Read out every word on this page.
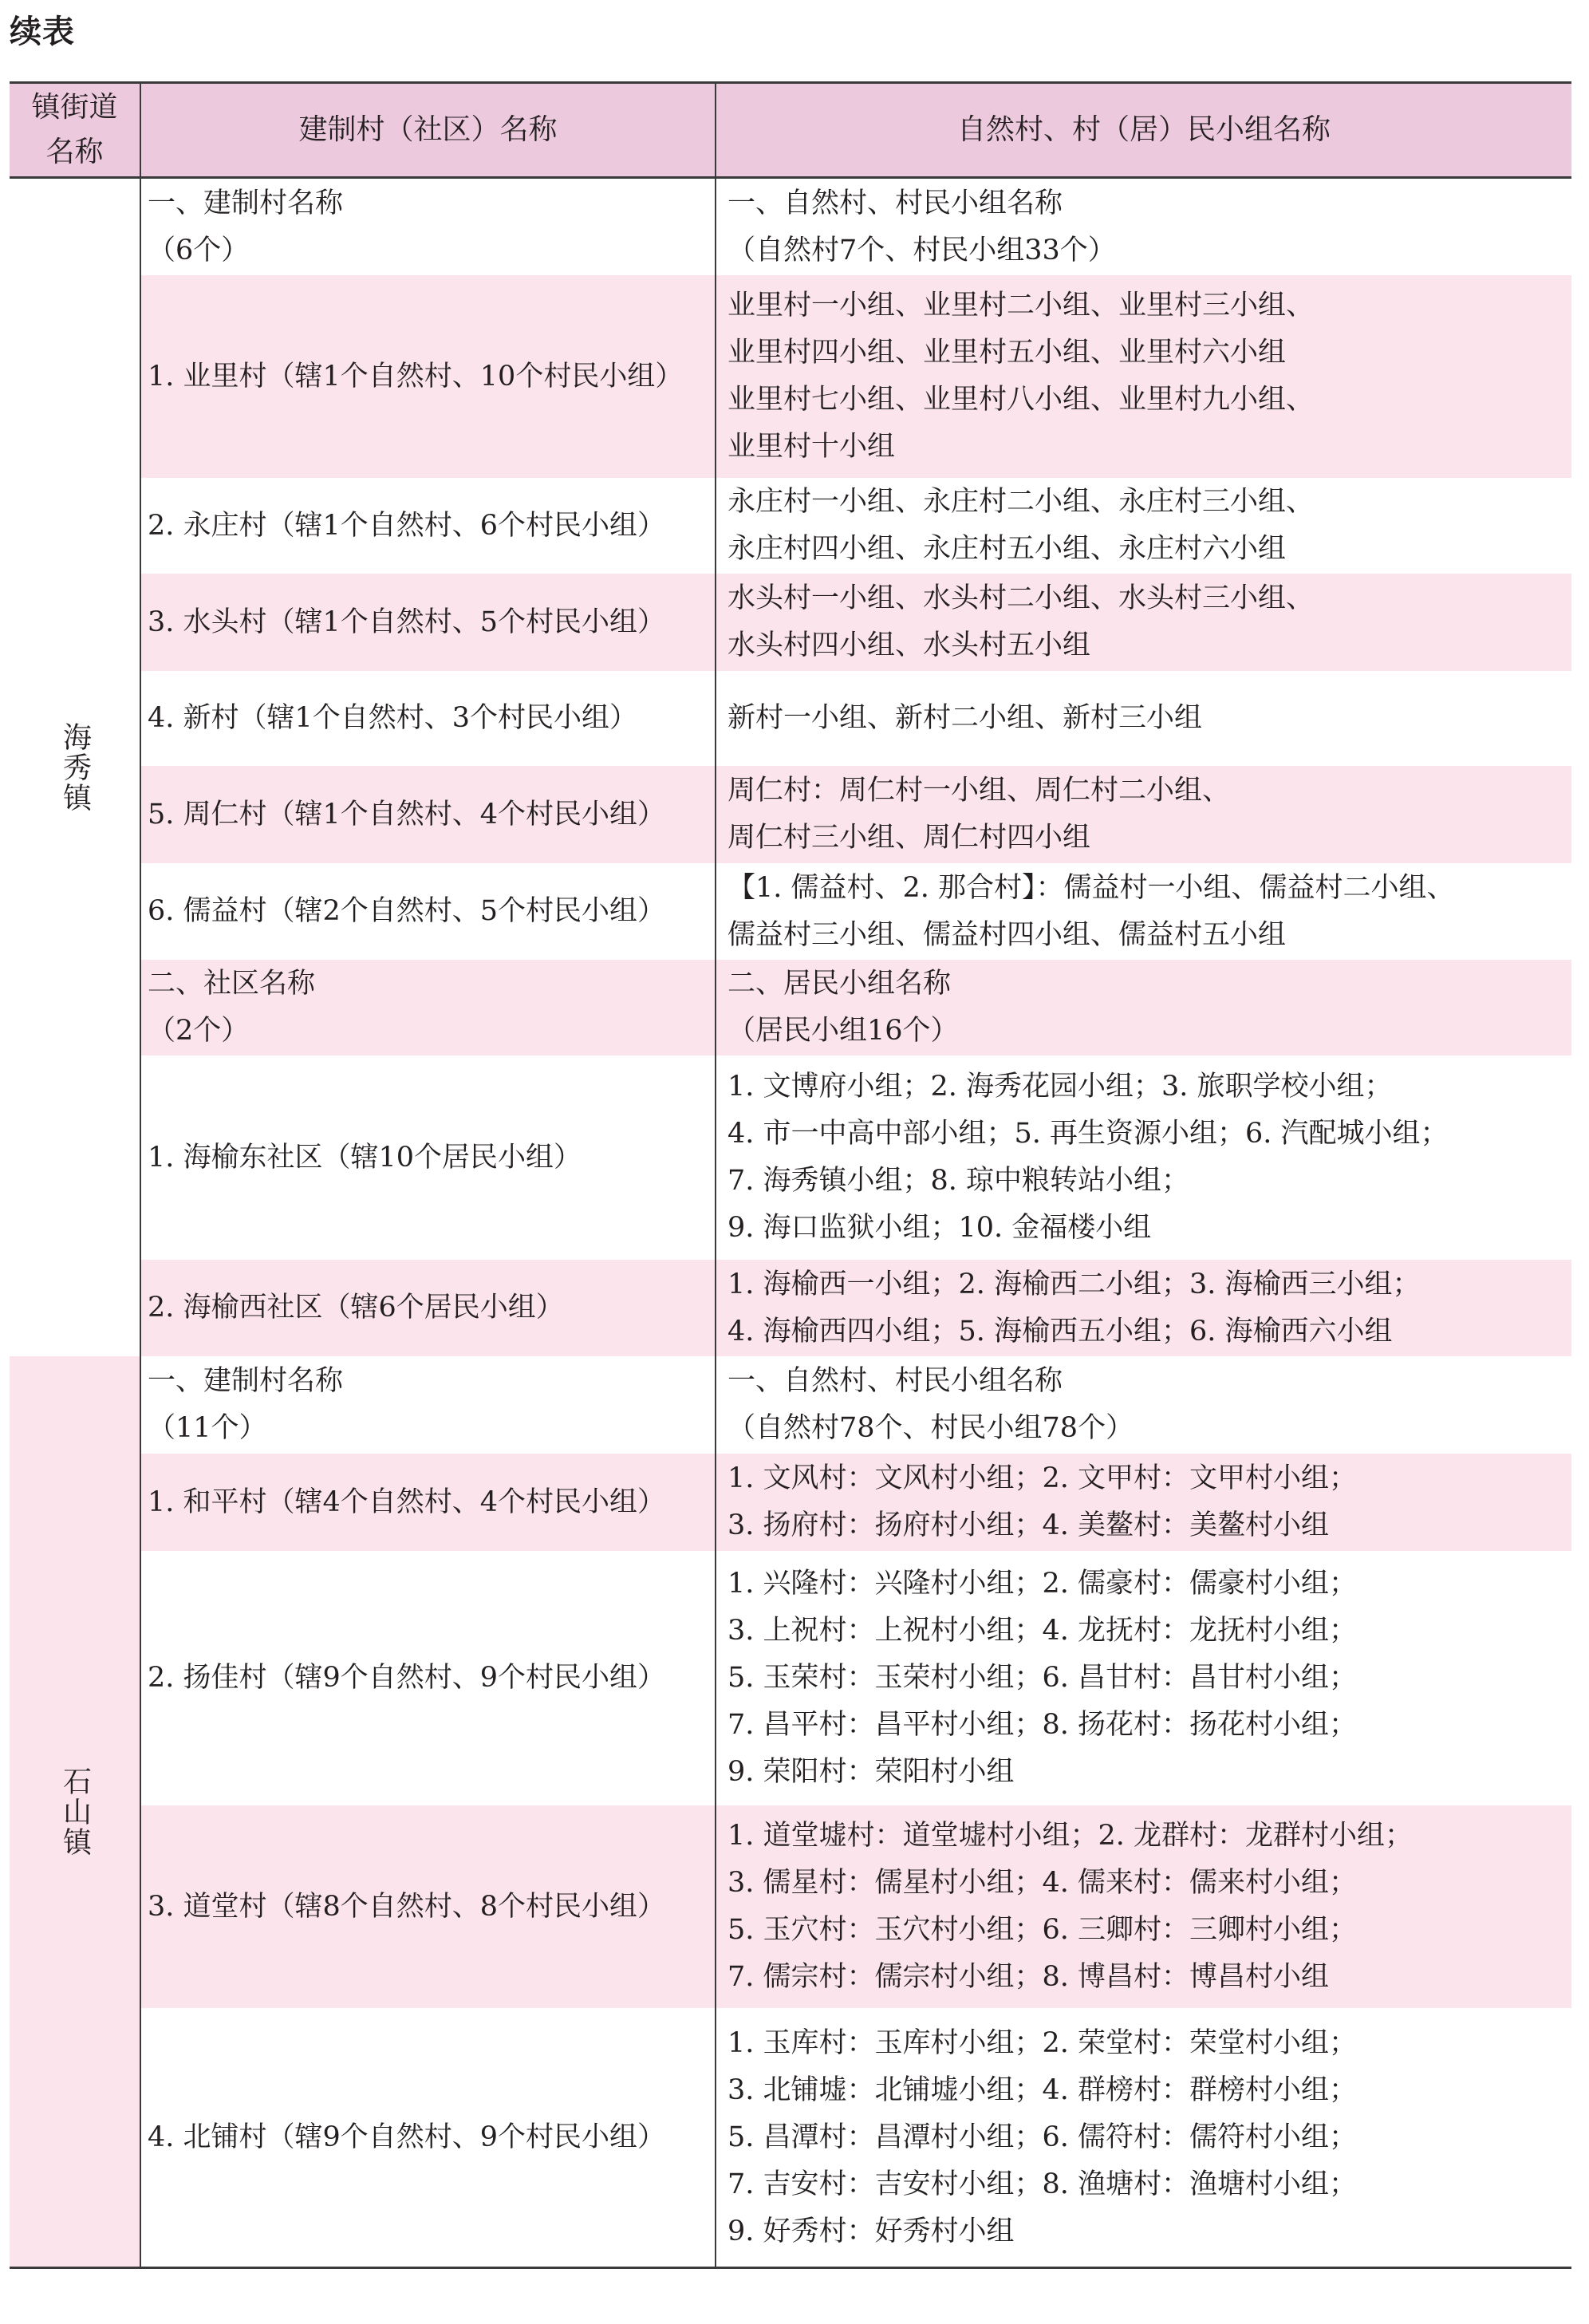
续表
镇街道
名称
建制村（社区）名称	自然村、村（居）民小组名称
一、建制村名称
（6个）
一、自然村、村民小组名称
（自然村7个、村民小组33个）
1. 业里村（辖1个自然村、10个村民小组）
业里村一小组、业里村二小组、业里村三小组、
业里村四小组、业里村五小组、业里村六小组
业里村七小组、业里村八小组、业里村九小组、
业里村十小组
2. 永庄村（辖1个自然村、6个村民小组）
永庄村一小组、永庄村二小组、永庄村三小组、
永庄村四小组、永庄村五小组、永庄村六小组
3. 水头村（辖1个自然村、5个村民小组）
水头村一小组、水头村二小组、水头村三小组、
水头村四小组、水头村五小组
4. 新村（辖1个自然村、3个村民小组）	新村一小组、新村二小组、新村三小组
5. 周仁村（辖1个自然村、4个村民小组）
周仁村：周仁村一小组、周仁村二小组、
周仁村三小组、周仁村四小组
6. 儒益村（辖2个自然村、5个村民小组）
【1. 儒益村、2. 那合村】：儒益村一小组、儒益村二小组、
儒益村三小组、儒益村四小组、儒益村五小组
二、社区名称
（2个）
二、居民小组名称
（居民小组16个）
1. 海榆东社区（辖10个居民小组）
1. 文博府小组；2. 海秀花园小组；3. 旅职学校小组；
4. 市一中高中部小组；5. 再生资源小组；6. 汽配城小组；
7. 海秀镇小组；8. 琼中粮转站小组；
9. 海口监狱小组；10. 金福楼小组
2. 海榆西社区（辖6个居民小组）
1. 海榆西一小组；2. 海榆西二小组；3. 海榆西三小组；
4. 海榆西四小组；5. 海榆西五小组；6. 海榆西六小组
海秀镇
一、建制村名称
（11个）
一、自然村、村民小组名称
（自然村78个、村民小组78个）
1. 和平村（辖4个自然村、4个村民小组）
1. 文风村：文风村小组；2. 文甲村：文甲村小组；
3. 扬府村：扬府村小组；4. 美鳌村：美鳌村小组
2. 扬佳村（辖9个自然村、9个村民小组）
1. 兴隆村：兴隆村小组；2. 儒豪村：儒豪村小组；
3. 上祝村：上祝村小组；4. 龙抚村：龙抚村小组；
5. 玉荣村：玉荣村小组；6. 昌甘村：昌甘村小组；
7. 昌平村：昌平村小组；8. 扬花村：扬花村小组；
9. 荣阳村：荣阳村小组
3. 道堂村（辖8个自然村、8个村民小组）
1. 道堂墟村：道堂墟村小组；2. 龙群村：龙群村小组；
3. 儒星村：儒星村小组；4. 儒来村：儒来村小组；
5. 玉穴村：玉穴村小组；6. 三卿村：三卿村小组；
7. 儒宗村：儒宗村小组；8. 博昌村：博昌村小组
4. 北铺村（辖9个自然村、9个村民小组）
1. 玉库村：玉库村小组；2. 荣堂村：荣堂村小组；
3. 北铺墟：北铺墟小组；4. 群榜村：群榜村小组；
5. 昌潭村：昌潭村小组；6. 儒符村：儒符村小组；
7. 吉安村：吉安村小组；8. 渔塘村：渔塘村小组；
9. 好秀村：好秀村小组
石山镇
